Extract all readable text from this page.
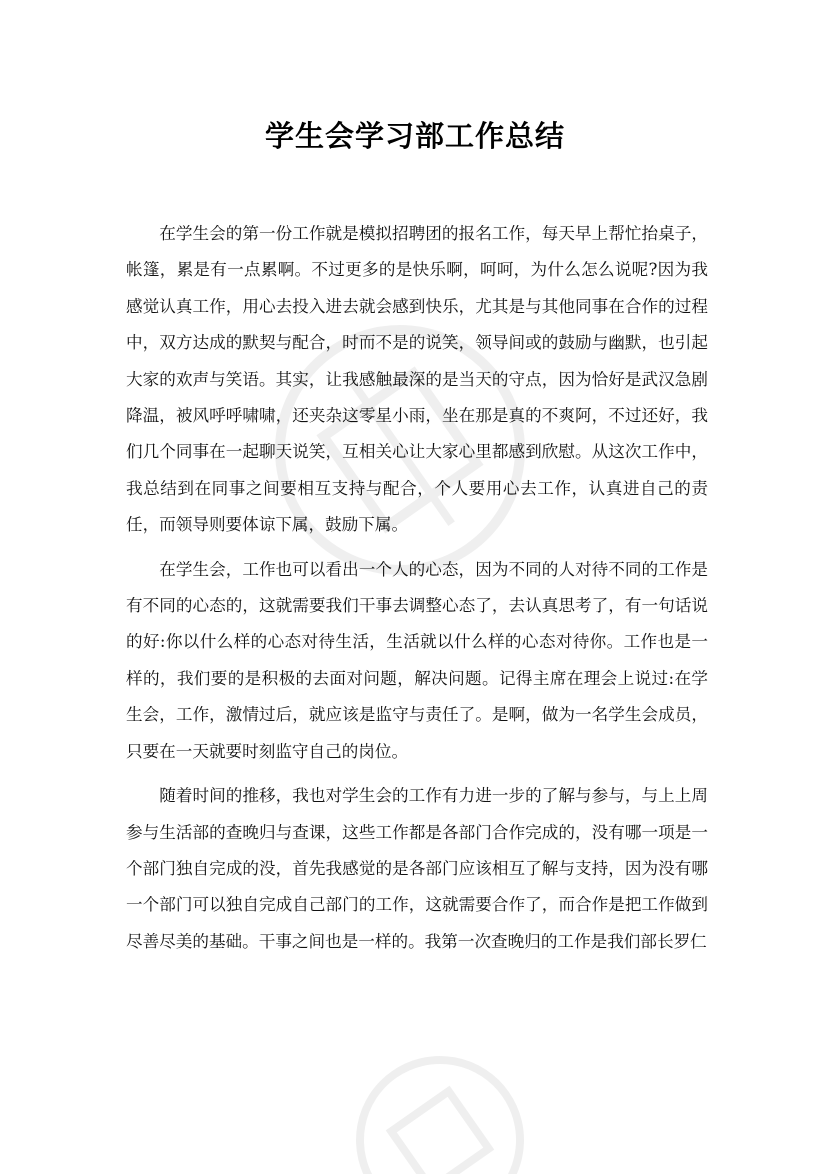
学生会学习部工作总结

在学生会的第一份工作就是模拟招聘团的报名工作，每天早上帮忙抬桌子，帐篷，累是有一点累啊。不过更多的是快乐啊，呵呵，为什么怎么说呢?因为我感觉认真工作，用心去投入进去就会感到快乐，尤其是与其他同事在合作的过程中，双方达成的默契与配合，时而不是的说笑，领导间或的鼓励与幽默，也引起大家的欢声与笑语。其实，让我感触最深的是当天的守点，因为恰好是武汉急剧降温，被风呼呼啸啸，还夹杂这零星小雨，坐在那是真的不爽阿，不过还好，我们几个同事在一起聊天说笑，互相关心让大家心里都感到欣慰。从这次工作中，我总结到在同事之间要相互支持与配合，个人要用心去工作，认真进自己的责任，而领导则要体谅下属，鼓励下属。

在学生会，工作也可以看出一个人的心态，因为不同的人对待不同的工作是有不同的心态的，这就需要我们干事去调整心态了，去认真思考了，有一句话说的好:你以什么样的心态对待生活，生活就以什么样的心态对待你。工作也是一样的，我们要的是积极的去面对问题，解决问题。记得主席在理会上说过:在学生会，工作，激情过后，就应该是监守与责任了。是啊，做为一名学生会成员，只要在一天就要时刻监守自己的岗位。

随着时间的推移，我也对学生会的工作有力进一步的了解与参与，与上上周参与生活部的查晚归与查课，这些工作都是各部门合作完成的，没有哪一项是一个部门独自完成的没，首先我感觉的是各部门应该相互了解与支持，因为没有哪一个部门可以独自完成自己部门的工作，这就需要合作了，而合作是把工作做到尽善尽美的基础。干事之间也是一样的。我第一次查晚归的工作是我们部长罗仁
